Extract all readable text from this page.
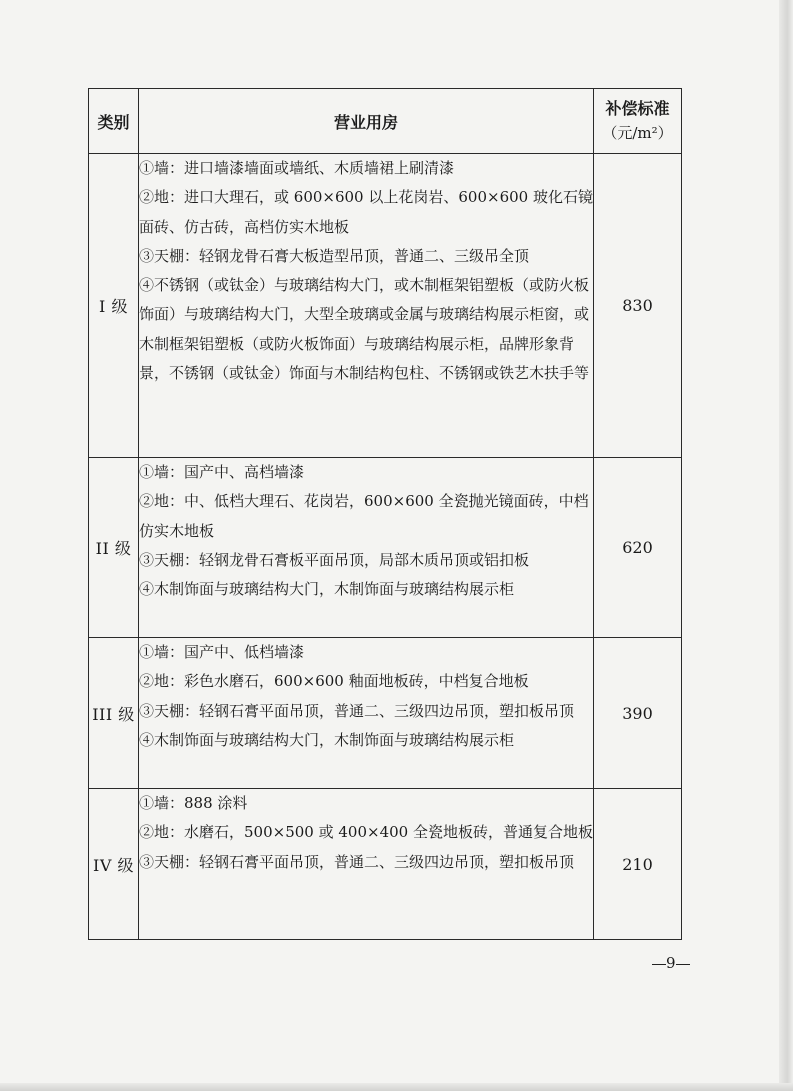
类别	营业用房	补偿标准
（元/m²）

I 级	①墙：进口墙漆墙面或墙纸、木质墙裙上刷清漆
②地：进口大理石，或 600×600 以上花岗岩、600×600 玻化石镜面砖、仿古砖，高档仿实木地板
③天棚：轻钢龙骨石膏大板造型吊顶，普通二、三级吊全顶
④不锈钢（或钛金）与玻璃结构大门，或木制框架铝塑板（或防火板饰面）与玻璃结构大门，大型全玻璃或金属与玻璃结构展示柜窗，或木制框架铝塑板（或防火板饰面）与玻璃结构展示柜，品牌形象背景，不锈钢（或钛金）饰面与木制结构包柱、不锈钢或铁艺木扶手等	830
II 级	①墙：国产中、高档墙漆
②地：中、低档大理石、花岗岩，600×600 全瓷抛光镜面砖，中档仿实木地板
③天棚：轻钢龙骨石膏板平面吊顶，局部木质吊顶或铝扣板
④木制饰面与玻璃结构大门，木制饰面与玻璃结构展示柜	620
III 级	①墙：国产中、低档墙漆
②地：彩色水磨石，600×600 釉面地板砖，中档复合地板
③天棚：轻钢石膏平面吊顶，普通二、三级四边吊顶，塑扣板吊顶
④木制饰面与玻璃结构大门，木制饰面与玻璃结构展示柜	390
IV 级	①墙：888 涂料
②地：水磨石，500×500 或 400×400 全瓷地板砖，普通复合地板
③天棚：轻钢石膏平面吊顶，普通二、三级四边吊顶，塑扣板吊顶	210
9
